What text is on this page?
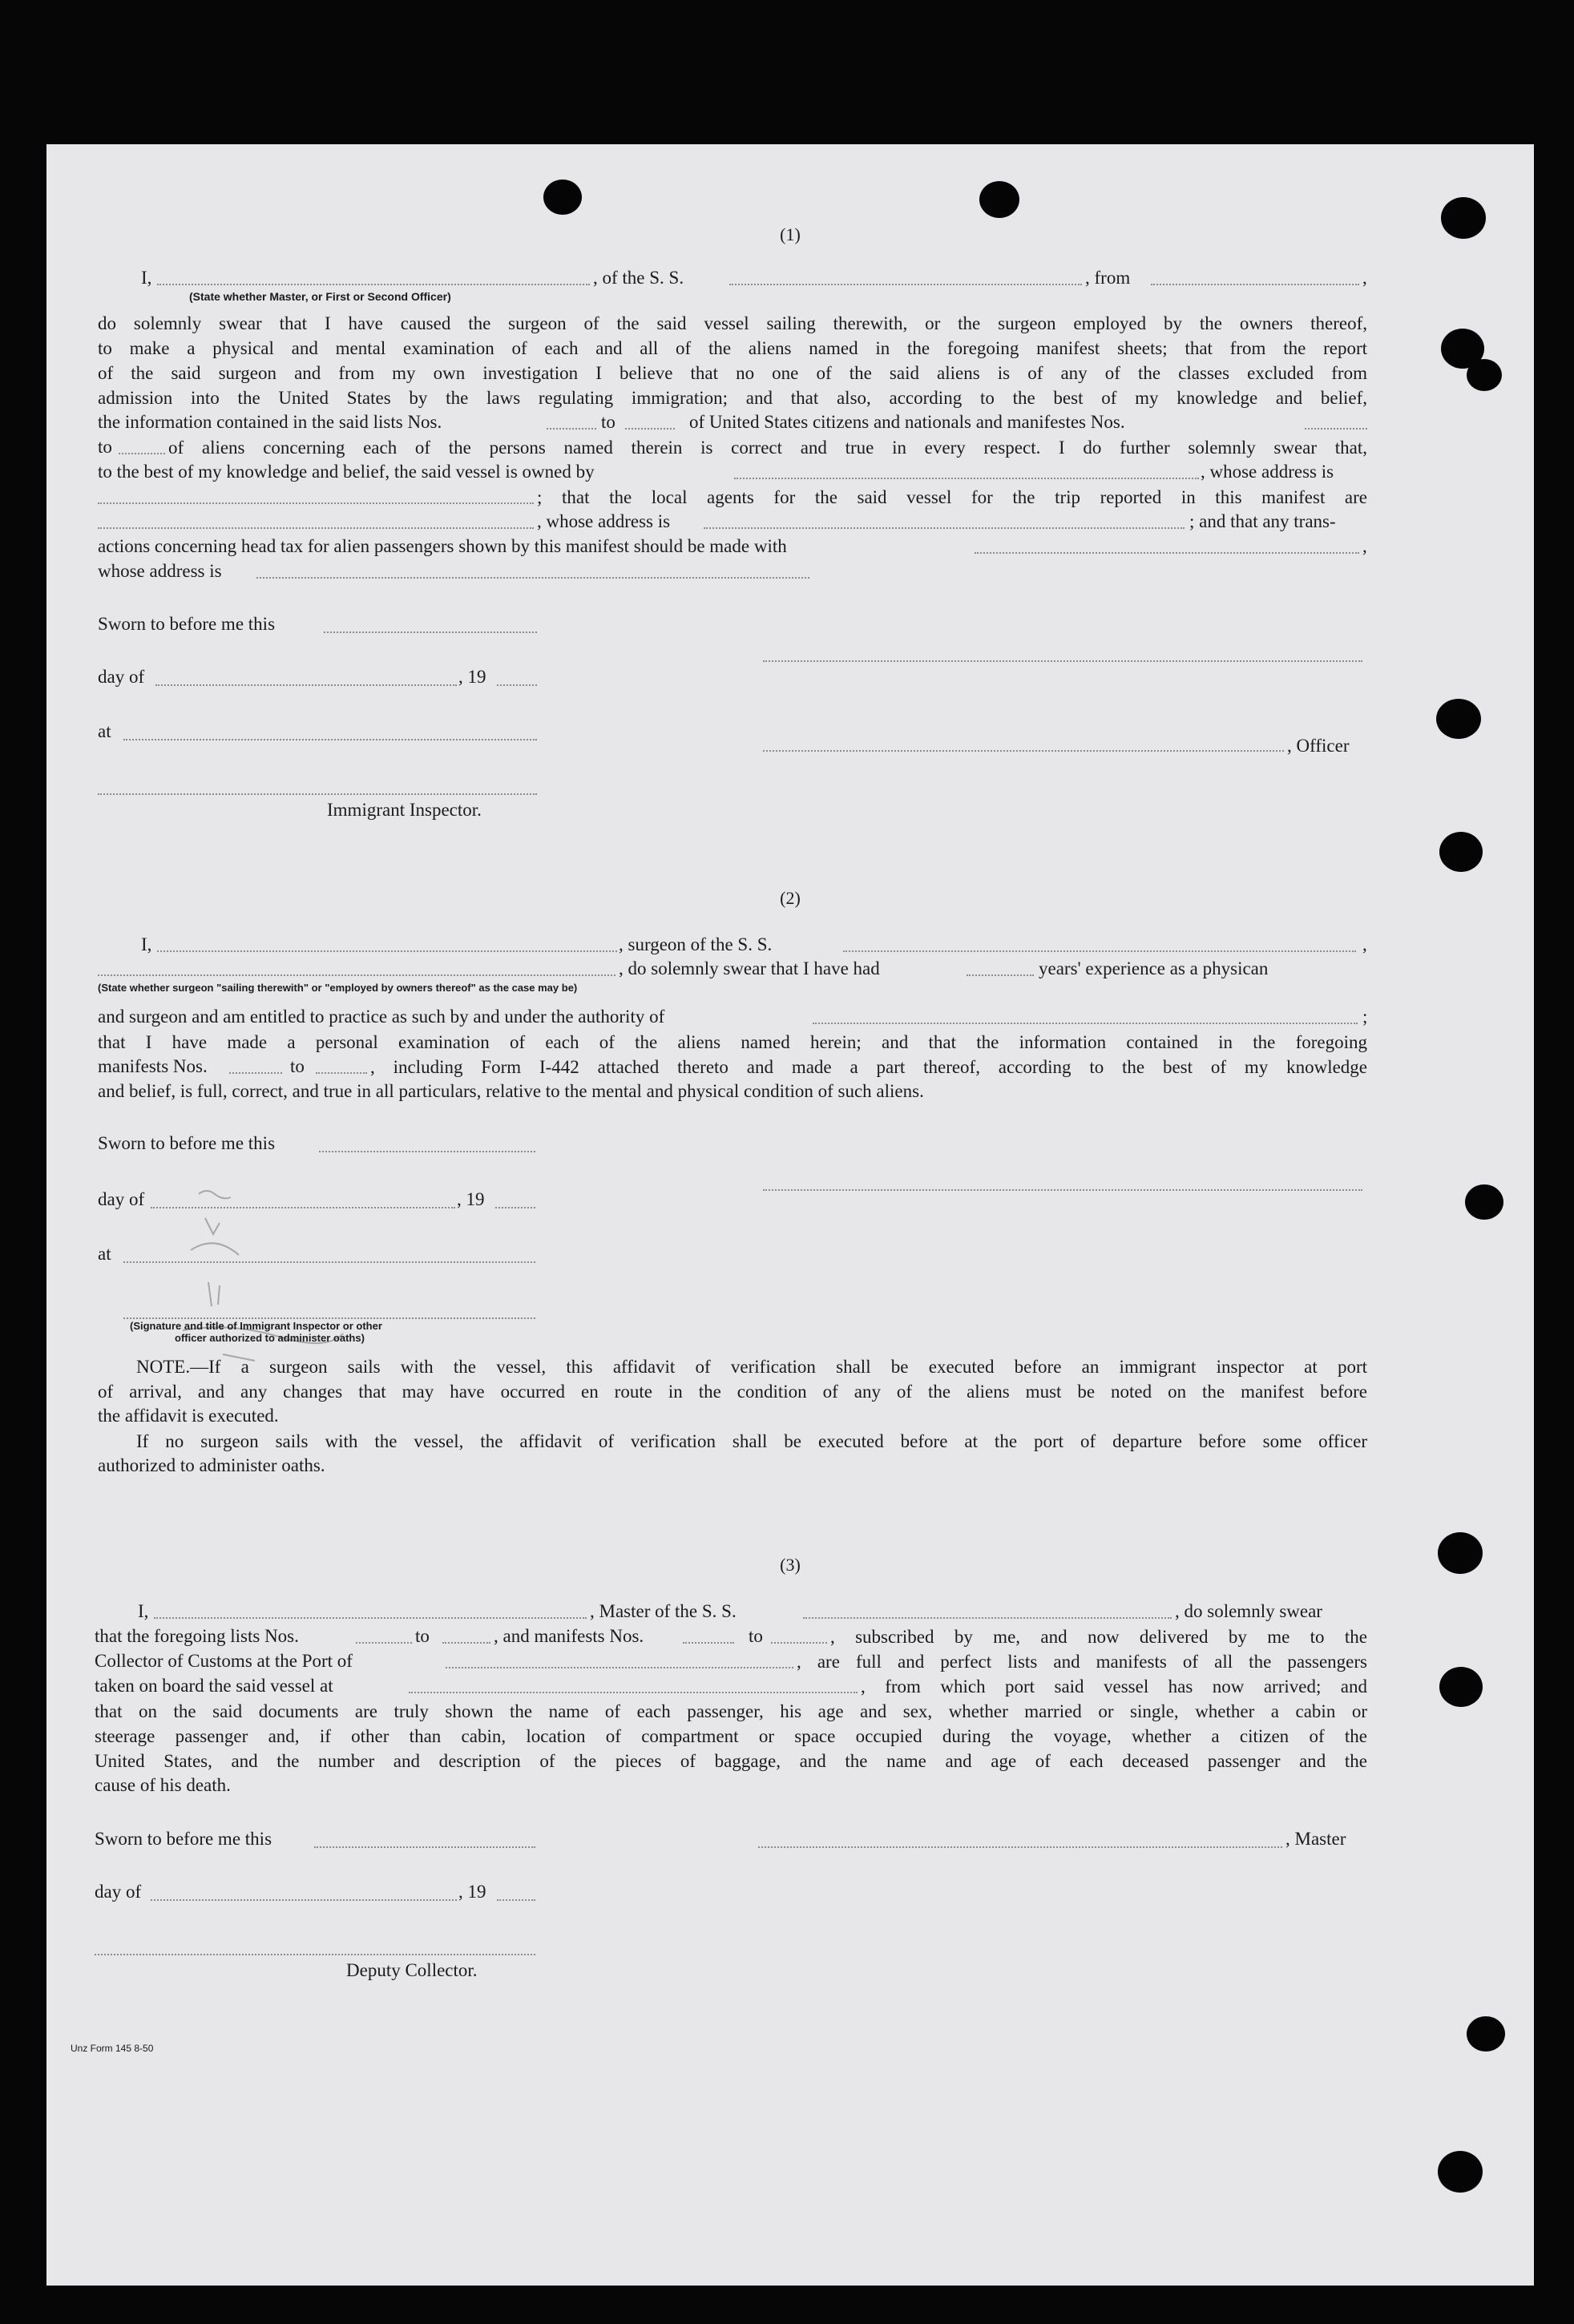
(1)
I,	, of the S. S.	, from	,
(State whether Master, or First or Second Officer)
do solemnly swear that I have caused the surgeon of the said vessel sailing therewith, or the surgeon employed by the owners thereof,
to make a physical and mental examination of each and all of the aliens named in the foregoing manifest sheets; that from the report
of the said surgeon and from my own investigation I believe that no one of the said aliens is of any of the classes excluded from
admission into the United States by the laws regulating immigration; and that also, according to the best of my knowledge and belief,
the information contained in the said lists Nos.	to	of United States citizens and nationals and manifestes Nos.
to	of aliens concerning each of the persons named therein is correct and true in every respect. I do further solemnly swear that,
to the best of my knowledge and belief, the said vessel is owned by	, whose address is
; that the local agents for the said vessel for the trip reported in this manifest are
, whose address is	; and that any trans-
actions concerning head tax for alien passengers shown by this manifest should be made with	,
whose address is
Sworn to before me this
day of	, 19
at
, Officer
Immigrant Inspector.
(2)
I,	, surgeon of the S. S.	,
, do solemnly swear that I have had	years' experience as a physican
(State whether surgeon "sailing therewith" or "employed by owners thereof" as the case may be)
and surgeon and am entitled to practice as such by and under the authority of	;
that I have made a personal examination of each of the aliens named herein; and that the information contained in the foregoing
manifests Nos.	to	, including Form I-442 attached thereto and made a part thereof, according to the best of my knowledge
and belief, is full, correct, and true in all particulars, relative to the mental and physical condition of such aliens.
Sworn to before me this
day of	, 19
at
(Signature and title of Immigrant Inspector or other
officer authorized to administer oaths)
NOTE.—If a surgeon sails with the vessel, this affidavit of verification shall be executed before an immigrant inspector at port
of arrival, and any changes that may have occurred en route in the condition of any of the aliens must be noted on the manifest before
the affidavit is executed.
If no surgeon sails with the vessel, the affidavit of verification shall be executed before at the port of departure before some officer
authorized to administer oaths.
(3)
I,	, Master of the S. S.	, do solemnly swear
that the foregoing lists Nos.	to	, and manifests Nos.	to	, subscribed by me, and now delivered by me to the
Collector of Customs at the Port of	, are full and perfect lists and manifests of all the passengers
taken on board the said vessel at	, from which port said vessel has now arrived; and
that on the said documents are truly shown the name of each passenger, his age and sex, whether married or single, whether a cabin or
steerage passenger and, if other than cabin, location of compartment or space occupied during the voyage, whether a citizen of the
United States, and the number and description of the pieces of baggage, and the name and age of each deceased passenger and the
cause of his death.
Sworn to before me this	, Master
day of	, 19
Deputy Collector.
Unz Form 145 8-50
